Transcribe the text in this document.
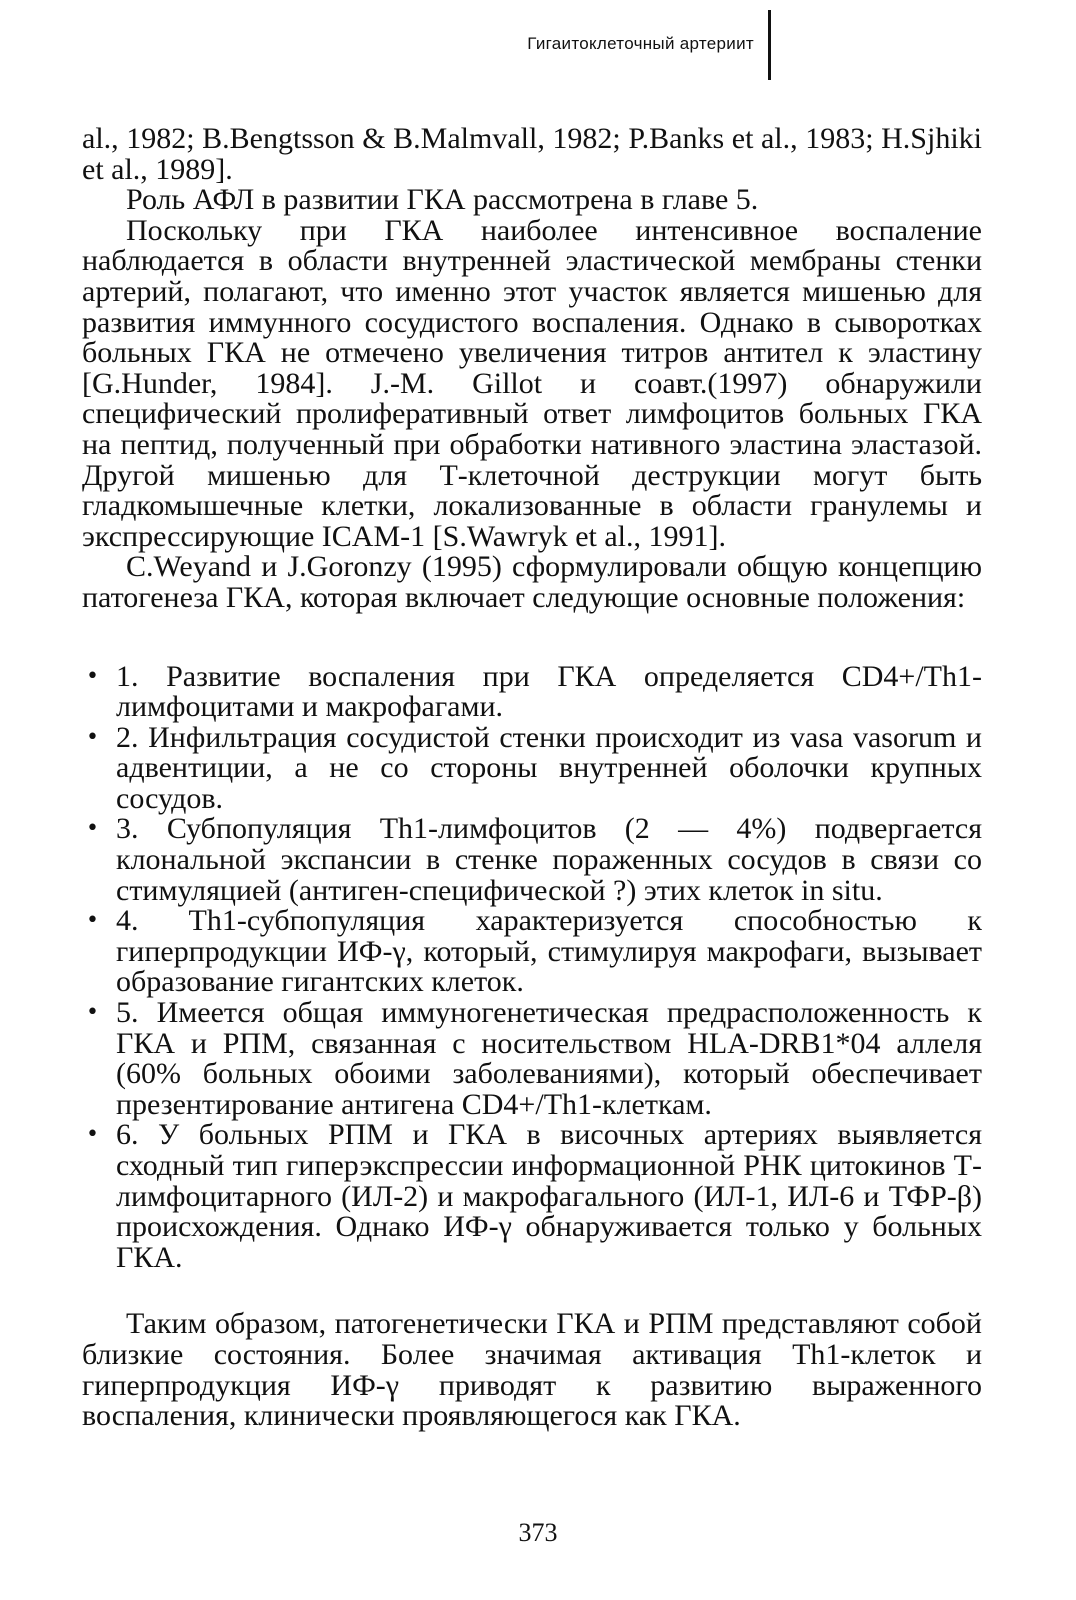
Гигаитоклеточный артериит

al., 1982; B.Bengtsson & B.Malmvall, 1982; P.Banks et al., 1983; H.Sjhiki et al., 1989].

Роль АФЛ в развитии ГКА рассмотрена в главе 5.

Поскольку при ГКА наиболее интенсивное воспаление наблюдается в области внутренней эластической мембраны стенки артерий, полагают, что именно этот участок является мишенью для развития иммунного сосудистого воспаления. Однако в сыворотках больных ГКА не отмечено увеличения титров антител к эластину [G.Hunder, 1984]. J.-M. Gillot и соавт.(1997) обнаружили специфический пролиферативный ответ лимфоцитов больных ГКА на пептид, полученный при обработки нативного эластина эластазой. Другой мишенью для Т-клеточной деструкции могут быть гладкомышечные клетки, локализованные в области гранулемы и экспрессирующие ICAM-1 [S.Wawryk et al., 1991].

C.Weyand и J.Goronzy (1995) сформулировали общую концепцию патогенеза ГКА, которая включает следующие основные положения:

• 1. Развитие воспаления при ГКА определяется CD4+/Th1-лимфоцитами и макрофагами.
• 2. Инфильтрация сосудистой стенки происходит из vasa vasorum и адвентиции, а не со стороны внутренней оболочки крупных сосудов.
• 3. Субпопуляция Th1-лимфоцитов (2 — 4%) подвергается клональной экспансии в стенке пораженных сосудов в связи со стимуляцией (антиген-специфической ?) этих клеток in situ.
• 4. Th1-субпопуляция характеризуется способностью к гиперпродукции ИФ-γ, который, стимулируя макрофаги, вызывает образование гигантских клеток.
• 5. Имеется общая иммуногенетическая предрасположенность к ГКА и РПМ, связанная с носительством HLA-DRB1*04 аллеля (60% больных обоими заболеваниями), который обеспечивает презентирование антигена CD4+/Th1-клеткам.
• 6. У больных РПМ и ГКА в височных артериях выявляется сходный тип гиперэкспрессии информационной РНК цитокинов Т-лимфоцитарного (ИЛ-2) и макрофагального (ИЛ-1, ИЛ-6 и ТФР-β) происхождения. Однако ИФ-γ обнаруживается только у больных ГКА.

Таким образом, патогенетически ГКА и РПМ представляют собой близкие состояния. Более значимая активация Th1-клеток и гиперпродукция ИФ-γ приводят к развитию выраженного воспаления, клинически проявляющегося как ГКА.

373
